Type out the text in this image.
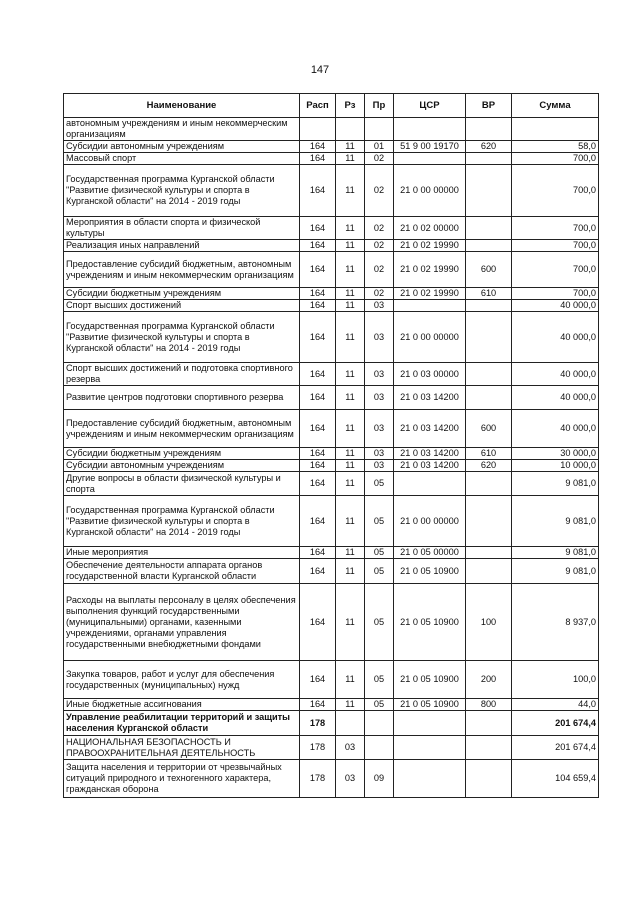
147
Наименование	Расп	Рз	Пр	ЦСР	ВР	Сумма
автономным учреждениям и иным некоммерческим организациям						
Субсидии автономным учреждениям	164	11	01	51 9 00 19170	620	58,0
Массовый спорт	164	11	02			700,0
Государственная программа Курганской области "Развитие физической культуры и спорта в Курганской области" на 2014 - 2019 годы	164	11	02	21 0 00 00000		700,0
Мероприятия в области спорта и физической культуры	164	11	02	21 0 02 00000		700,0
Реализация иных направлений	164	11	02	21 0 02 19990		700,0
Предоставление субсидий бюджетным, автономным учреждениям и иным некоммерческим организациям	164	11	02	21 0 02 19990	600	700,0
Субсидии бюджетным учреждениям	164	11	02	21 0 02 19990	610	700,0
Спорт высших достижений	164	11	03			40 000,0
Государственная программа Курганской области "Развитие физической культуры и спорта в Курганской области" на 2014 - 2019 годы	164	11	03	21 0 00 00000		40 000,0
Спорт высших достижений и подготовка спортивного резерва	164	11	03	21 0 03 00000		40 000,0
Развитие центров подготовки спортивного резерва	164	11	03	21 0 03 14200		40 000,0
Предоставление субсидий бюджетным, автономным учреждениям и иным некоммерческим организациям	164	11	03	21 0 03 14200	600	40 000,0
Субсидии бюджетным учреждениям	164	11	03	21 0 03 14200	610	30 000,0
Субсидии автономным учреждениям	164	11	03	21 0 03 14200	620	10 000,0
Другие вопросы в области физической культуры и спорта	164	11	05			9 081,0
Государственная программа Курганской области "Развитие физической культуры и спорта в Курганской области" на 2014 - 2019 годы	164	11	05	21 0 00 00000		9 081,0
Иные мероприятия	164	11	05	21 0 05 00000		9 081,0
Обеспечение деятельности аппарата органов государственной власти Курганской области	164	11	05	21 0 05 10900		9 081,0
Расходы на выплаты персоналу в целях обеспечения выполнения функций государственными (муниципальными) органами, казенными учреждениями, органами управления государственными внебюджетными фондами	164	11	05	21 0 05 10900	100	8 937,0
Закупка товаров, работ и услуг для обеспечения государственных (муниципальных) нужд	164	11	05	21 0 05 10900	200	100,0
Иные бюджетные ассигнования	164	11	05	21 0 05 10900	800	44,0
Управление реабилитации территорий и защиты населения Курганской области	178					201 674,4
НАЦИОНАЛЬНАЯ БЕЗОПАСНОСТЬ И ПРАВООХРАНИТЕЛЬНАЯ ДЕЯТЕЛЬНОСТЬ	178	03				201 674,4
Защита населения и территории от чрезвычайных ситуаций природного и техногенного характера, гражданская оборона	178	03	09			104 659,4
